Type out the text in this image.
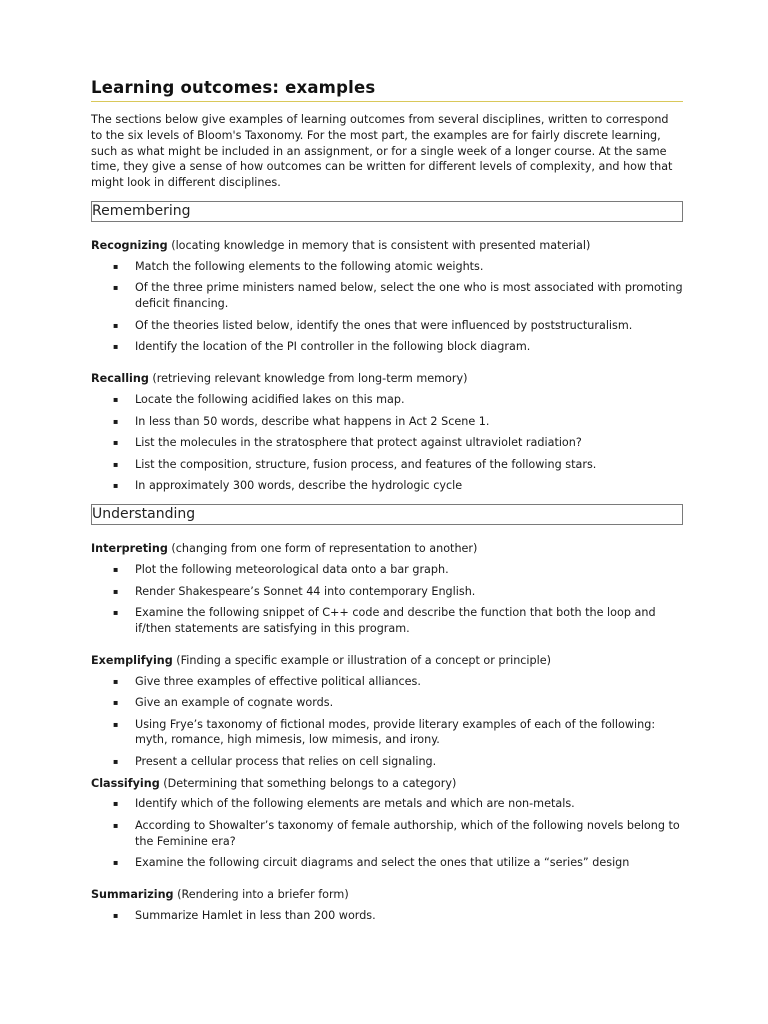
Learning outcomes: examples

The sections below give examples of learning outcomes from several disciplines, written to correspond to the six levels of Bloom's Taxonomy. For the most part, the examples are for fairly discrete learning, such as what might be included in an assignment, or for a single week of a longer course. At the same time, they give a sense of how outcomes can be written for different levels of complexity, and how that might look in different disciplines.

Remembering
Recognizing (locating knowledge in memory that is consistent with presented material)
▪ Match the following elements to the following atomic weights.
▪ Of the three prime ministers named below, select the one who is most associated with promoting deficit financing.
▪ Of the theories listed below, identify the ones that were influenced by poststructuralism.
▪ Identify the location of the PI controller in the following block diagram.
Recalling (retrieving relevant knowledge from long-term memory)
▪ Locate the following acidified lakes on this map.
▪ In less than 50 words, describe what happens in Act 2 Scene 1.
▪ List the molecules in the stratosphere that protect against ultraviolet radiation?
▪ List the composition, structure, fusion process, and features of the following stars.
▪ In approximately 300 words, describe the hydrologic cycle
Understanding
Interpreting (changing from one form of representation to another)
▪ Plot the following meteorological data onto a bar graph.
▪ Render Shakespeare’s Sonnet 44 into contemporary English.
▪ Examine the following snippet of C++ code and describe the function that both the loop and if/then statements are satisfying in this program.
Exemplifying (Finding a specific example or illustration of a concept or principle)
▪ Give three examples of effective political alliances.
▪ Give an example of cognate words.
▪ Using Frye’s taxonomy of fictional modes, provide literary examples of each of the following: myth, romance, high mimesis, low mimesis, and irony.
▪ Present a cellular process that relies on cell signaling.
Classifying (Determining that something belongs to a category)
▪ Identify which of the following elements are metals and which are non-metals.
▪ According to Showalter’s taxonomy of female authorship, which of the following novels belong to the Feminine era?
▪ Examine the following circuit diagrams and select the ones that utilize a “series” design
Summarizing (Rendering into a briefer form)
▪ Summarize Hamlet in less than 200 words.
